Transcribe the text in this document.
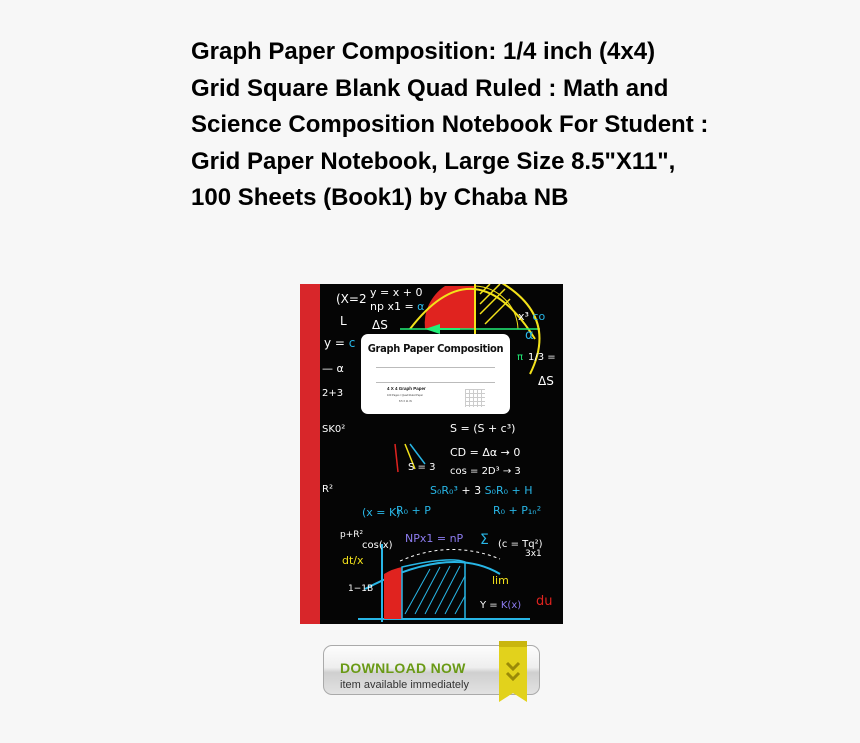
Graph Paper Composition: 1/4 inch (4x4) Grid Square Blank Quad Ruled : Math and Science Composition Notebook For Student : Grid Paper Notebook, Large Size 8.5"X11", 100 Sheets (Book1) by Chaba NB
y = x + 0
(X=2
np x1 = α
L ΔS
y = c
x³ co
α
π 1/3 =
ΔS
— α
2+3
SK0²	S = (S + c³)
CD = Δα → 0
cos = 2D³ → 3
S = 3
S₀R₀³ + 3 S₀R₀ + H
R₀ + P	R₀ + P₁ₙ²
(x = K)
R²
p+R²
cos(x)
NPx1 = nP Σ (c = Tq²)
dt/x
lim
du
Y = K(x)
1−1B
3x1
Graph Paper Composition
4 X 4 Graph Paper
100 Pages / Quad Ruled Paper
8.5 X 11 IN
DOWNLOAD NOW
item available immediately
